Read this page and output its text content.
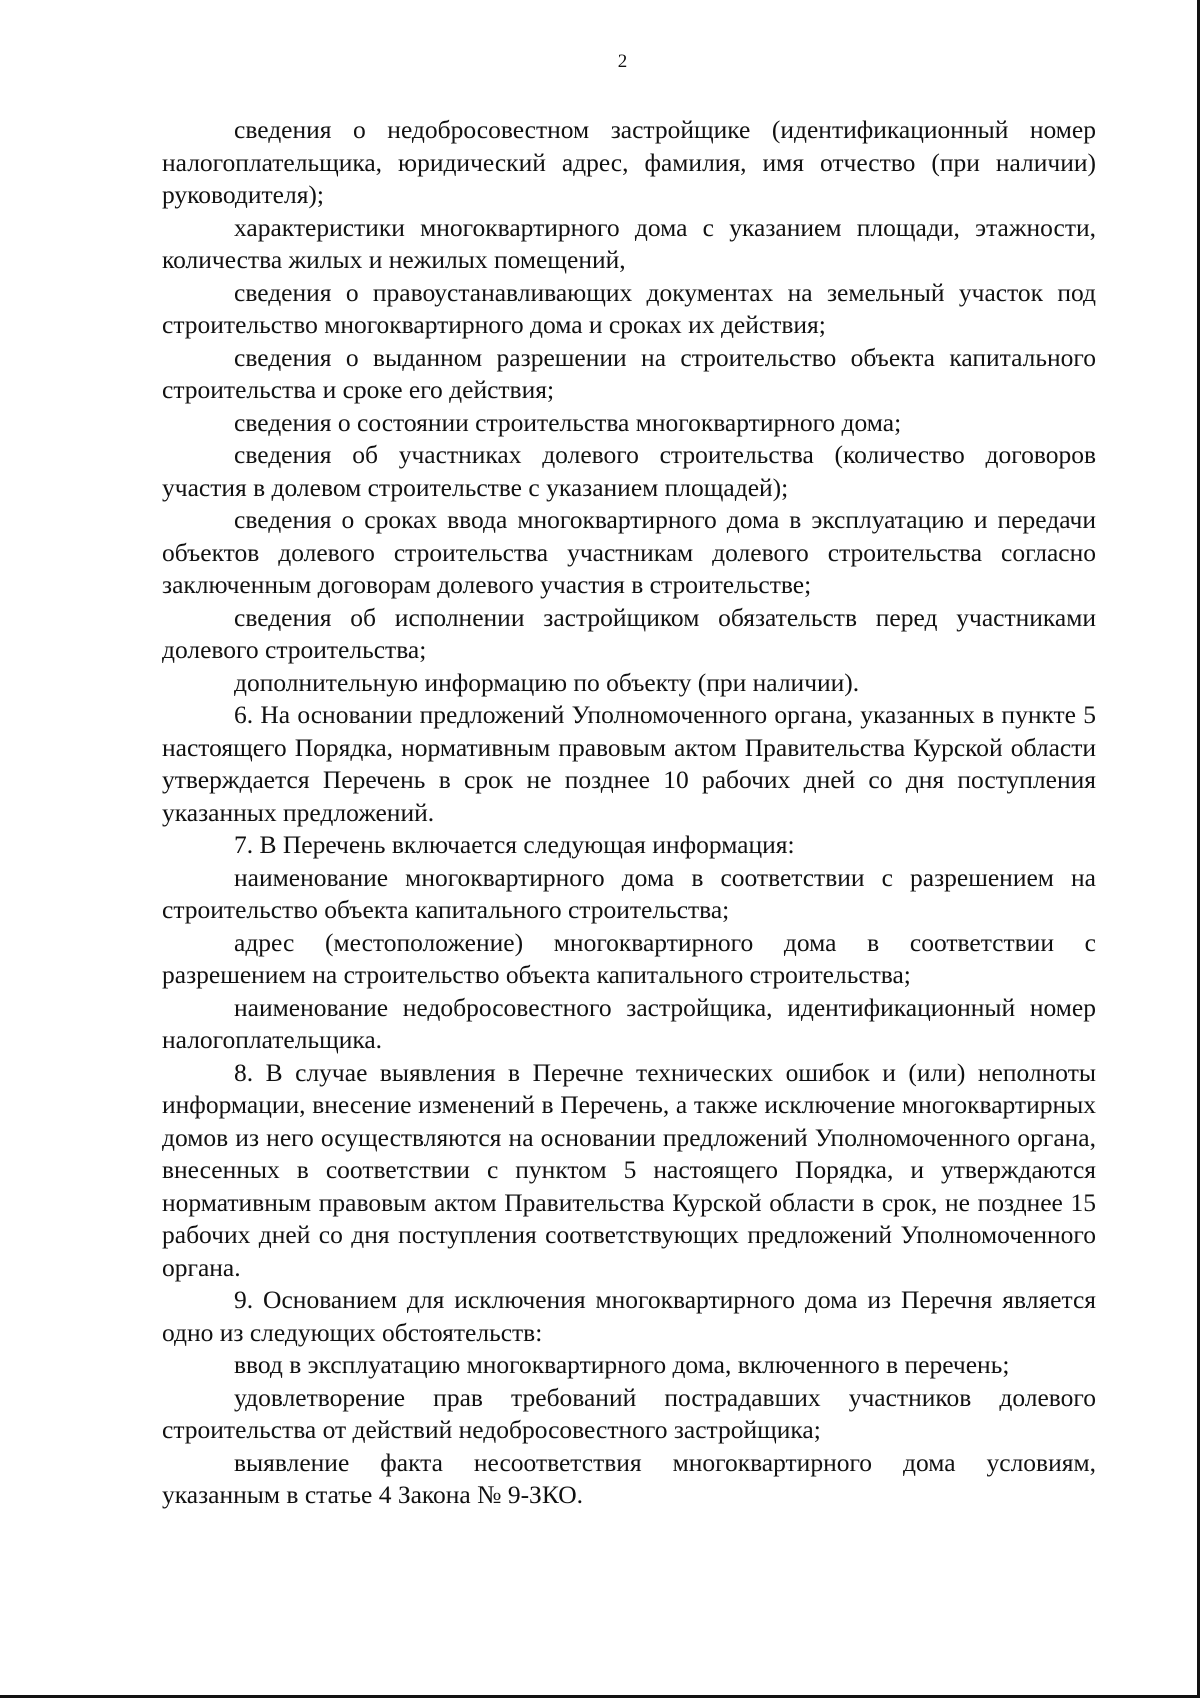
2

сведения о недобросовестном застройщике (идентификационный номер налогоплательщика, юридический адрес, фамилия, имя отчество (при наличии) руководителя);

характеристики многоквартирного дома с указанием площади, этажности, количества жилых и нежилых помещений,

сведения о правоустанавливающих документах на земельный участок под строительство многоквартирного дома и сроках их действия;

сведения о выданном разрешении на строительство объекта капитального строительства и сроке его действия;

сведения о состоянии строительства многоквартирного дома;

сведения об участниках долевого строительства (количество договоров участия в долевом строительстве с указанием площадей);

сведения о сроках ввода многоквартирного дома в эксплуатацию и передачи объектов долевого строительства участникам долевого строительства согласно заключенным договорам долевого участия в строительстве;

сведения об исполнении застройщиком обязательств перед участниками долевого строительства;

дополнительную информацию по объекту (при наличии).

6. На основании предложений Уполномоченного органа, указанных в пункте 5 настоящего Порядка, нормативным правовым актом Правительства Курской области утверждается Перечень в срок не позднее 10 рабочих дней со дня поступления указанных предложений.

7. В Перечень включается следующая информация:

наименование многоквартирного дома в соответствии с разрешением на строительство объекта капитального строительства;

адрес (местоположение) многоквартирного дома в соответствии с разрешением на строительство объекта капитального строительства;

наименование недобросовестного застройщика, идентификационный номер налогоплательщика.

8. В случае выявления в Перечне технических ошибок и (или) неполноты информации, внесение изменений в Перечень, а также исключение многоквартирных домов из него осуществляются на основании предложений Уполномоченного органа, внесенных в соответствии с пунктом 5 настоящего Порядка, и утверждаются нормативным правовым актом Правительства Курской области в срок, не позднее 15 рабочих дней со дня поступления соответствующих предложений Уполномоченного органа.

9. Основанием для исключения многоквартирного дома из Перечня является одно из следующих обстоятельств:

ввод в эксплуатацию многоквартирного дома, включенного в перечень;

удовлетворение прав требований пострадавших участников долевого строительства от действий недобросовестного застройщика;

выявление факта несоответствия многоквартирного дома условиям, указанным в статье 4 Закона № 9-ЗКО.
